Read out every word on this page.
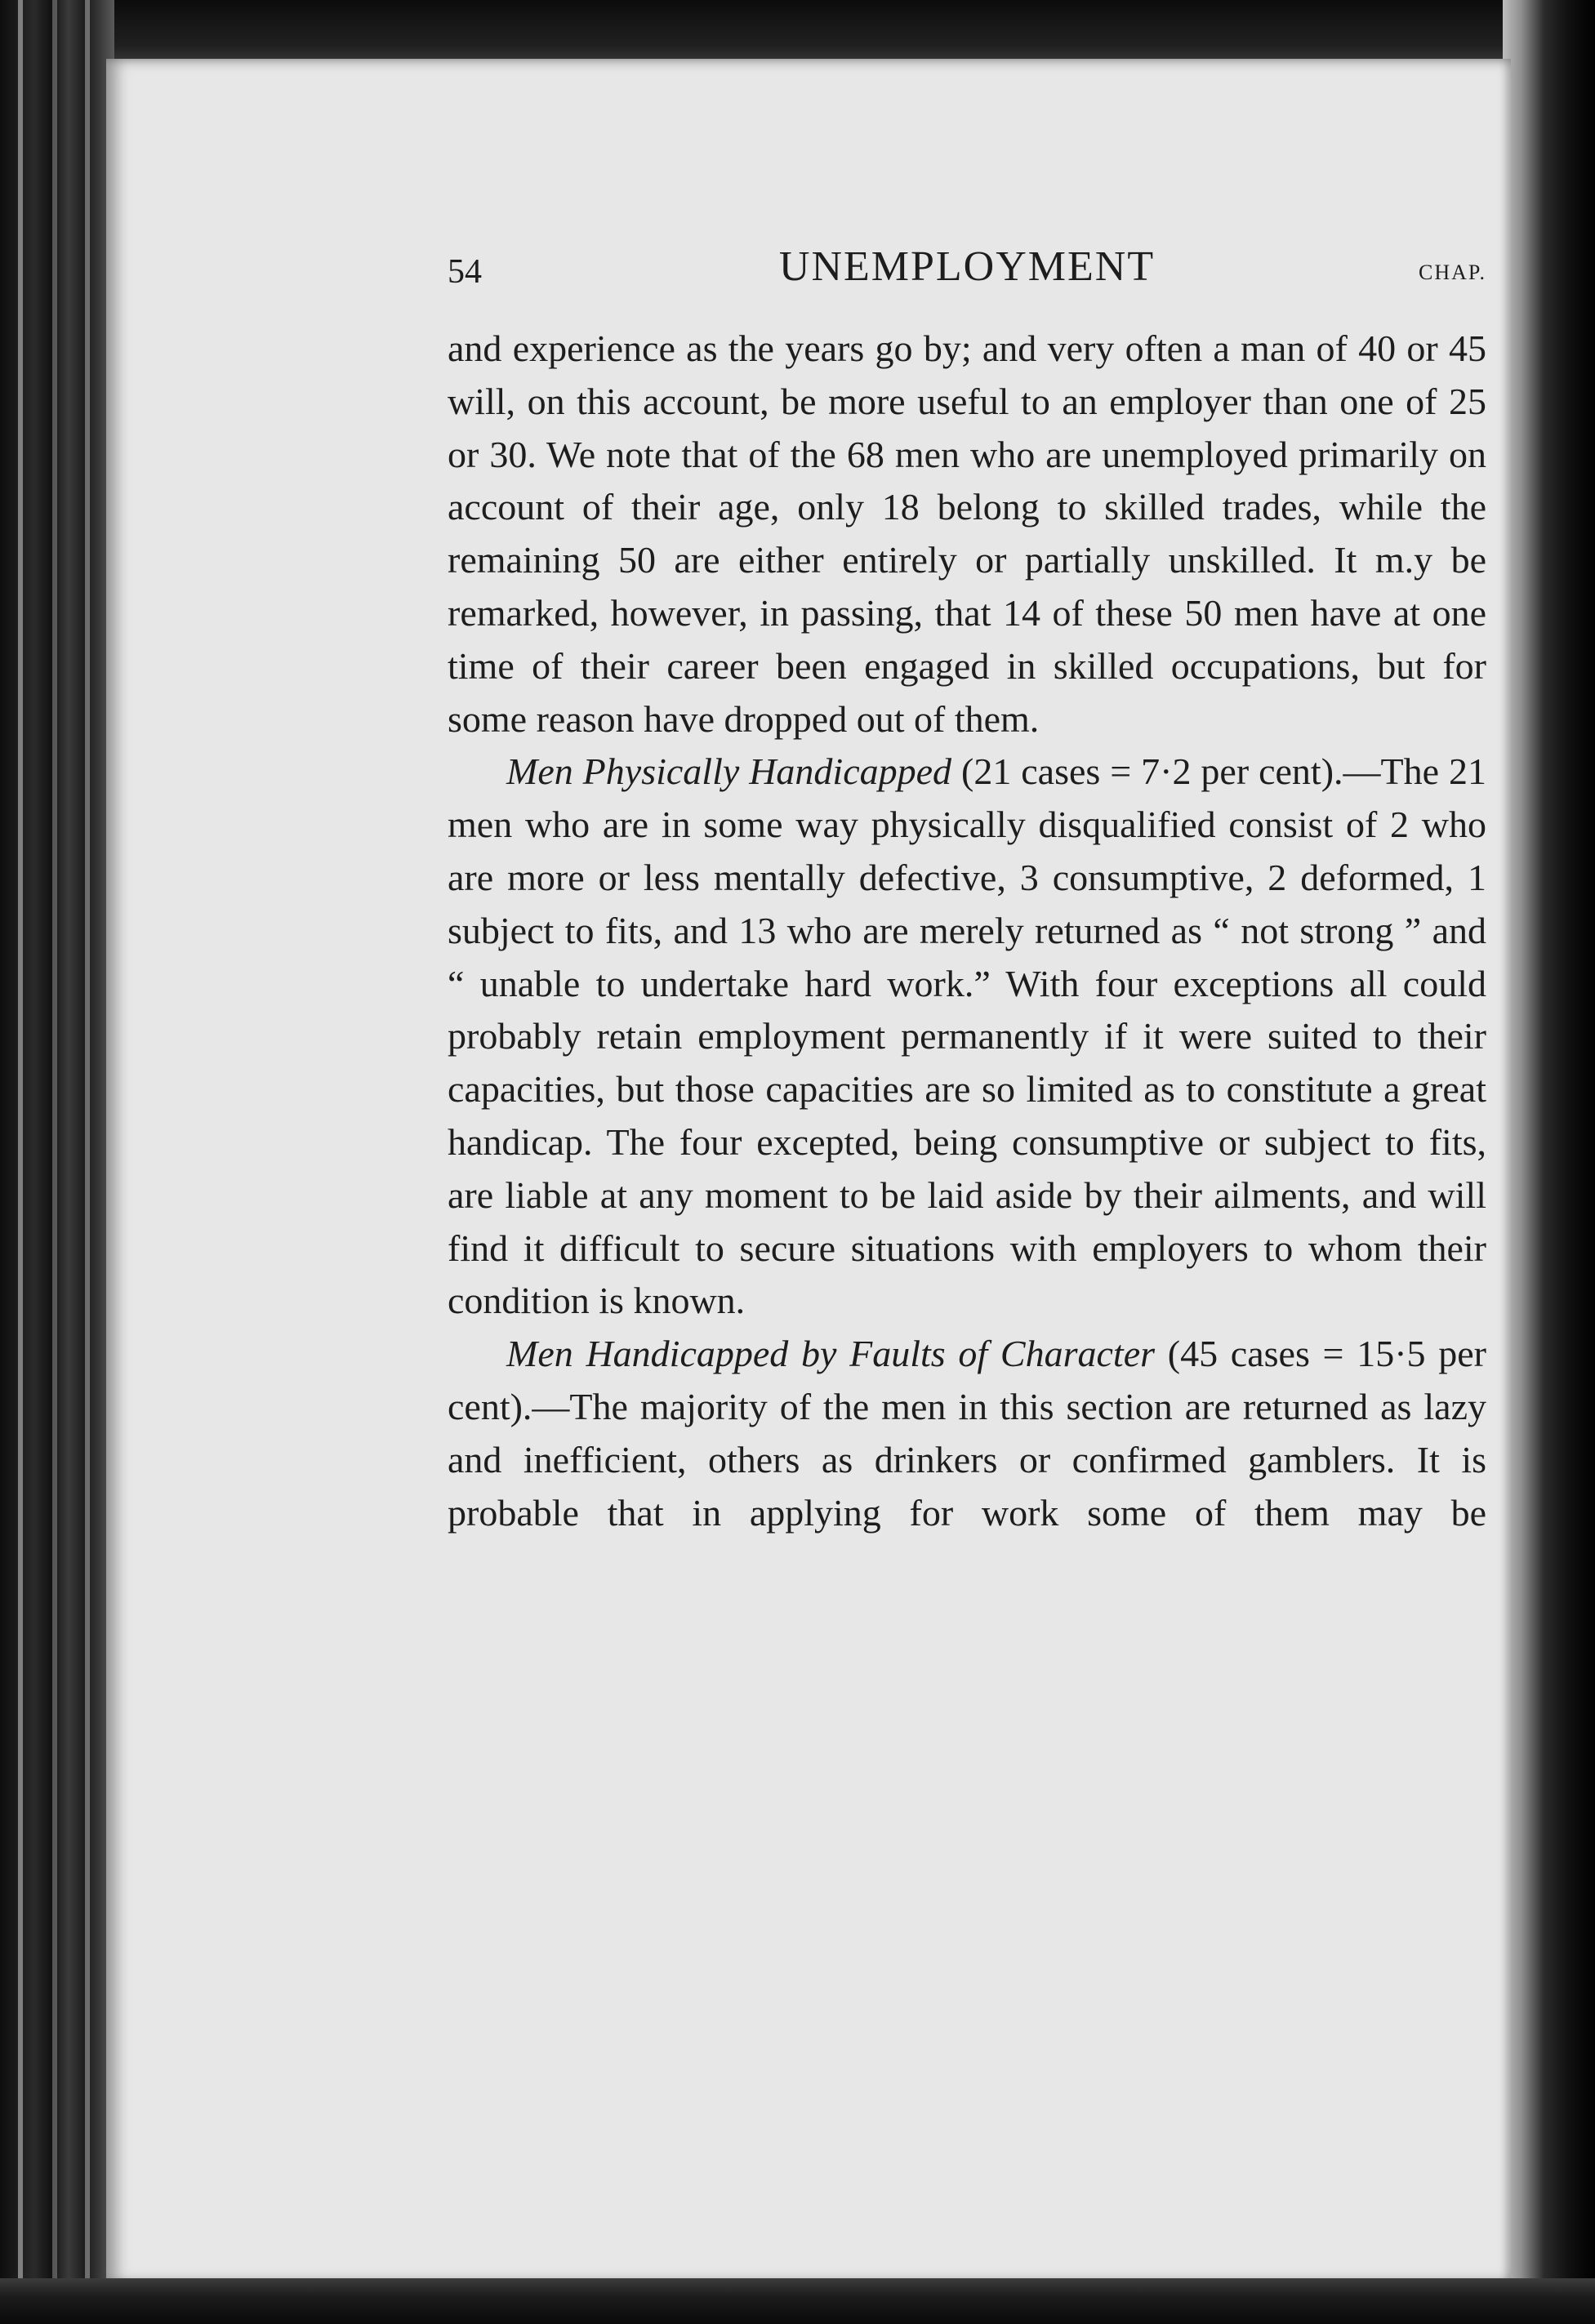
54	UNEMPLOYMENT	CHAP.

and experience as the years go by; and very often a man of 40 or 45 will, on this account, be more useful to an employer than one of 25 or 30. We note that of the 68 men who are unemployed primarily on account of their age, only 18 belong to skilled trades, while the remaining 50 are either entirely or partially unskilled. It m.y be remarked, however, in passing, that 14 of these 50 men have at one time of their career been engaged in skilled occupations, but for some reason have dropped out of them.

Men Physically Handicapped (21 cases = 7·2 per cent).—The 21 men who are in some way physically disqualified consist of 2 who are more or less mentally defective, 3 consumptive, 2 deformed, 1 subject to fits, and 13 who are merely returned as “ not strong ” and “ unable to undertake hard work.” With four exceptions all could probably retain employment permanently if it were suited to their capacities, but those capacities are so limited as to constitute a great handicap. The four excepted, being consumptive or subject to fits, are liable at any moment to be laid aside by their ailments, and will find it difficult to secure situations with employers to whom their condition is known.

Men Handicapped by Faults of Character (45 cases = 15·5 per cent).—The majority of the men in this section are returned as lazy and inefficient, others as drinkers or confirmed gamblers. It is probable that in applying for work some of them may be
